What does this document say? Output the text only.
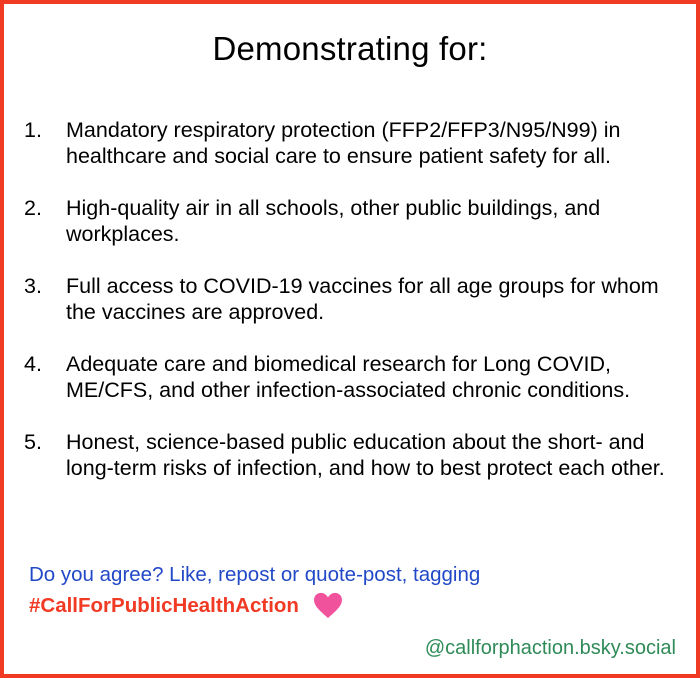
Demonstrating for:
1.	Mandatory respiratory protection (FFP2/FFP3/N95/N99) in healthcare and social care to ensure patient safety for all.
2.	High-quality air in all schools, other public buildings, and workplaces.
3.	Full access to COVID-19 vaccines for all age groups for whom the vaccines are approved.
4.	Adequate care and biomedical research for Long COVID, ME/CFS, and other infection-associated chronic conditions.
5.	Honest, science-based public education about the short- and long-term risks of infection, and how to best protect each other.
Do you agree? Like, repost or quote-post, tagging
#CallForPublicHealthAction
@callforphaction.bsky.social
